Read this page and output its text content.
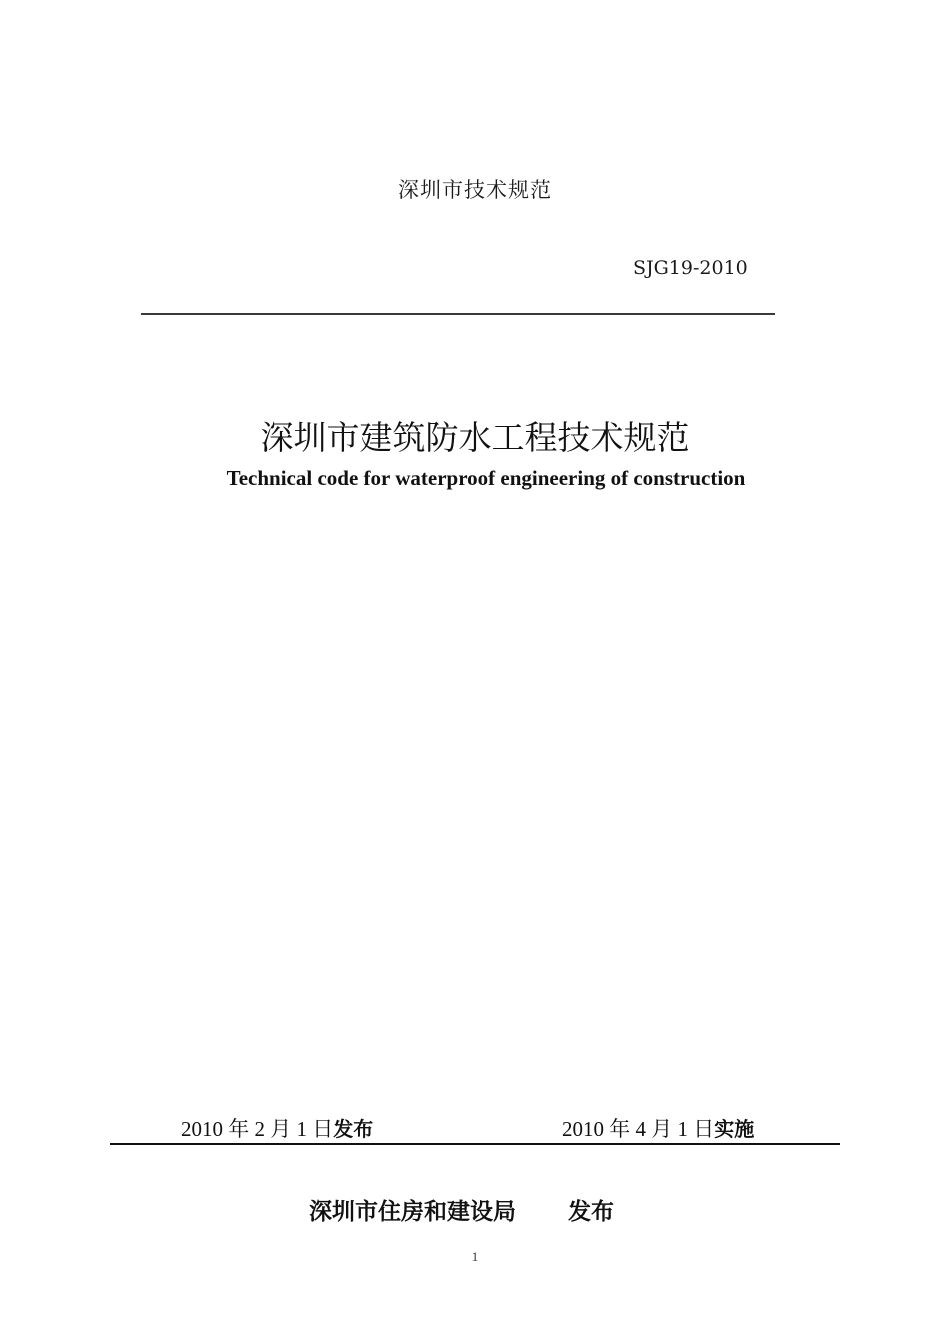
深圳市技术规范
SJG19-2010
深圳市建筑防水工程技术规范
Technical code for waterproof engineering of construction
2010 年 2 月 1 日发布	2010 年 4 月 1 日实施
深圳市住房和建设局 发布
1
